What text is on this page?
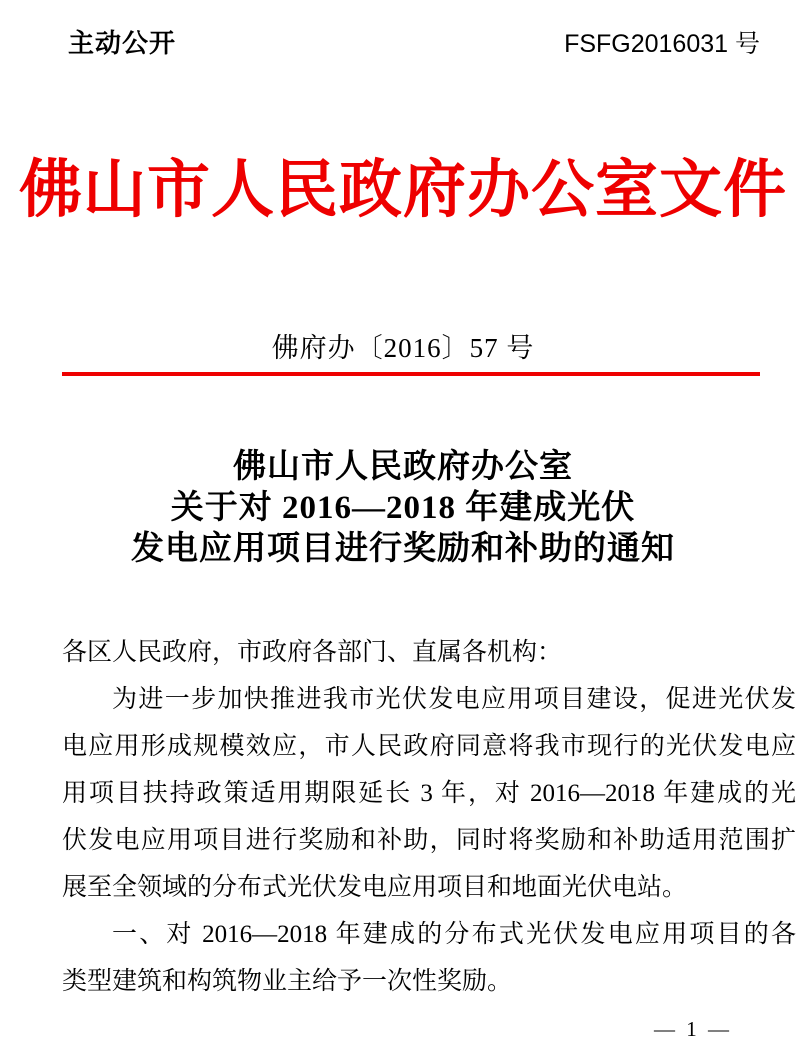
主动公开	FSFG2016031 号
佛山市人民政府办公室文件
佛府办〔2016〕57 号
佛山市人民政府办公室
关于对 2016—2018 年建成光伏
发电应用项目进行奖励和补助的通知
各区人民政府，市政府各部门、直属各机构：
为进一步加快推进我市光伏发电应用项目建设，促进光伏发
电应用形成规模效应，市人民政府同意将我市现行的光伏发电应
用项目扶持政策适用期限延长 3 年，对 2016—2018 年建成的光
伏发电应用项目进行奖励和补助，同时将奖励和补助适用范围扩
展至全领域的分布式光伏发电应用项目和地面光伏电站。
一、对 2016—2018 年建成的分布式光伏发电应用项目的各
类型建筑和构筑物业主给予一次性奖励。
— 1 —
